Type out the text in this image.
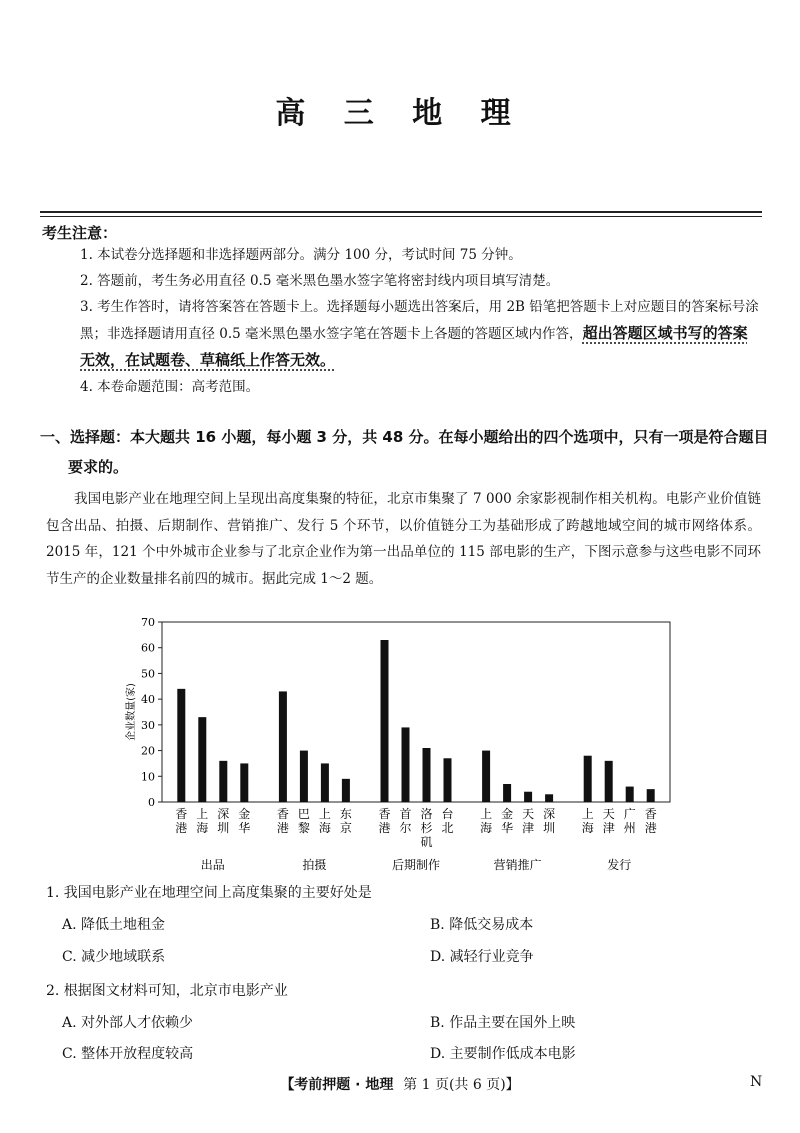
高 三 地 理
考生注意：
1. 本试卷分选择题和非选择题两部分。满分 100 分，考试时间 75 分钟。
2. 答题前，考生务必用直径 0.5 毫米黑色墨水签字笔将密封线内项目填写清楚。
3. 考生作答时，请将答案答在答题卡上。选择题每小题选出答案后，用 2B 铅笔把答题卡上对应题目的答案标号涂黑；非选择题请用直径 0.5 毫米黑色墨水签字笔在答题卡上各题的答题区域内作答，超出答题区域书写的答案无效，在试题卷、草稿纸上作答无效。
4. 本卷命题范围：高考范围。
一、选择题：本大题共 16 小题，每小题 3 分，共 48 分。在每小题给出的四个选项中，只有一项是符合题目
要求的。
我国电影产业在地理空间上呈现出高度集聚的特征，北京市集聚了 7 000 余家影视制作相关机构。电影产业价值链包含出品、拍摄、后期制作、营销推广、发行 5 个环节，以价值链分工为基础形成了跨越地域空间的城市网络体系。2015 年，121 个中外城市企业参与了北京企业作为第一出品单位的 115 部电影的生产，下图示意参与这些电影不同环节生产的企业数量排名前四的城市。据此完成 1～2 题。
0
10
20
30
40
50
60
70
企业数量(家)
香
港
上
海
深
圳
金
华
出品
香
港
巴
黎
上
海
东
京
拍摄
香
港
首
尔
洛
杉
矶
台
北
后期制作
上
海
金
华
天
津
深
圳
营销推广
上
海
天
津
广
州
香
港
发行
1. 我国电影产业在地理空间上高度集聚的主要好处是
A. 降低土地租金	B. 降低交易成本
C. 减少地域联系	D. 减轻行业竞争
2. 根据图文材料可知，北京市电影产业
A. 对外部人才依赖少	B. 作品主要在国外上映
C. 整体开放程度较高	D. 主要制作低成本电影
【考前押题 · 地理 第 1 页(共 6 页)】	N
